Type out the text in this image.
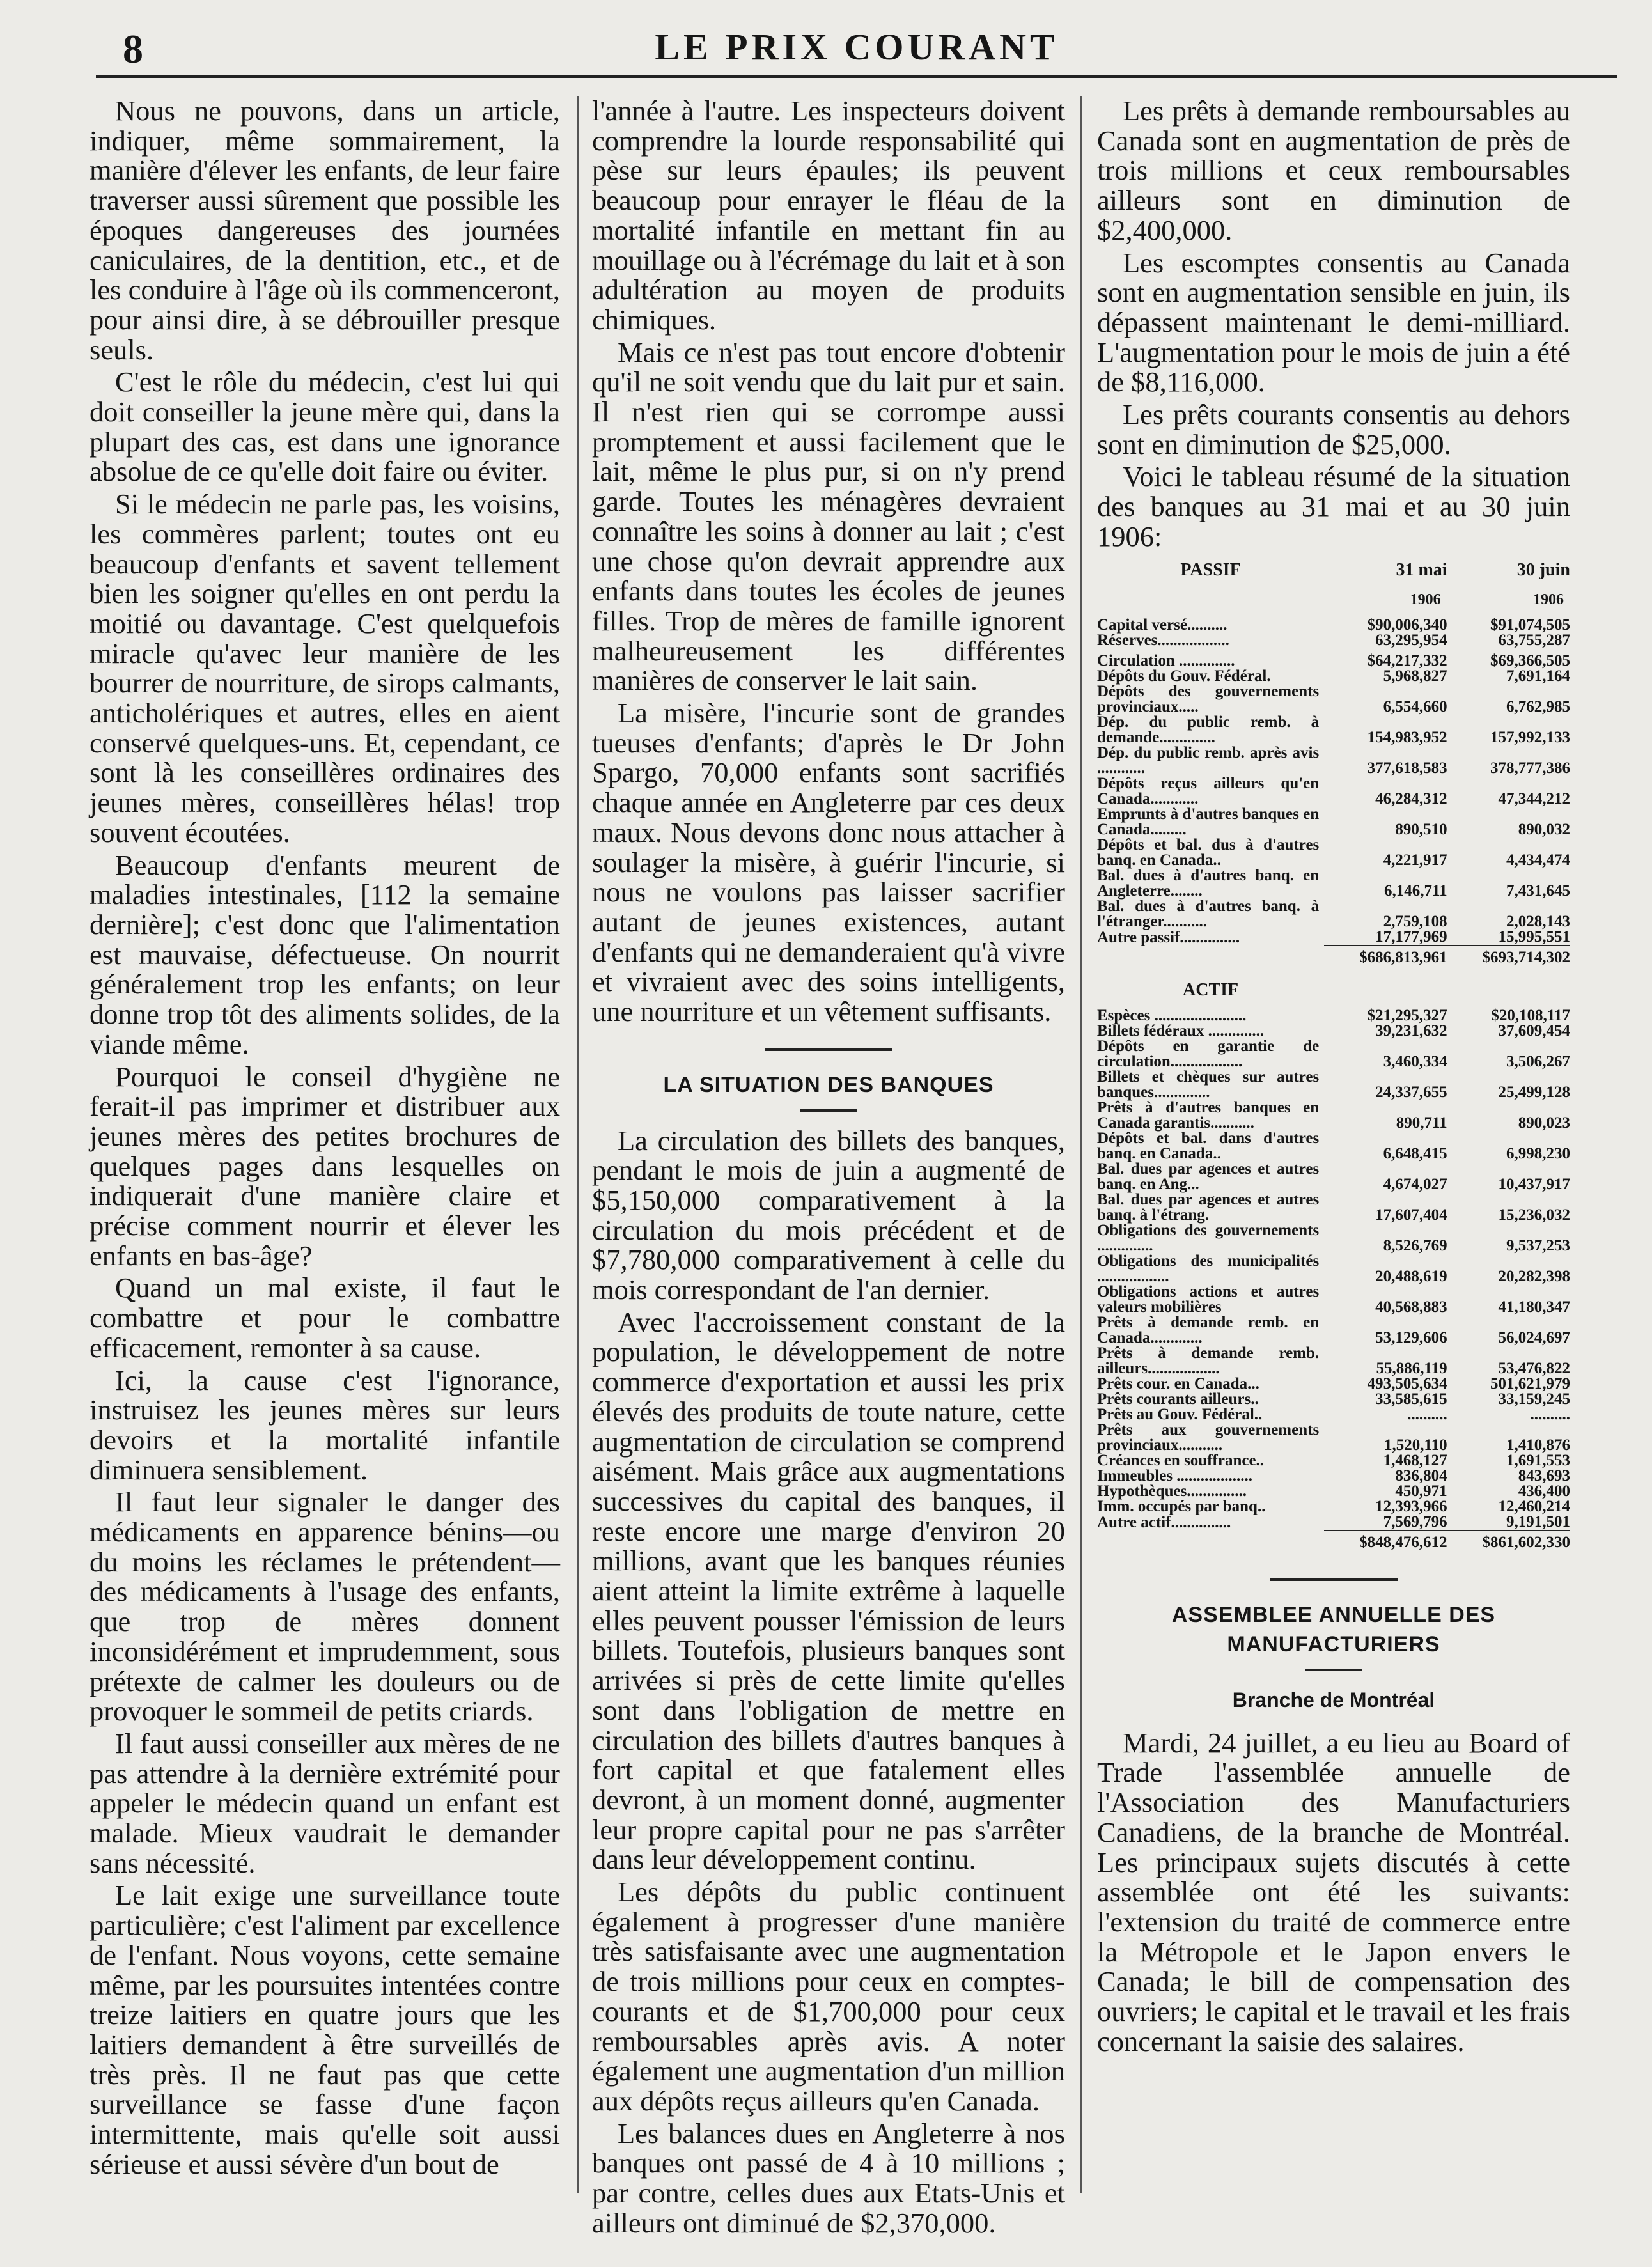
8	LE PRIX COURANT

Nous ne pouvons, dans un article, indiquer, même sommairement, la manière d'élever les enfants, de leur faire traverser aussi sûrement que possible les époques dangereuses des journées caniculaires, de la dentition, etc., et de les conduire à l'âge où ils commenceront, pour ainsi dire, à se débrouiller presque seuls.

C'est le rôle du médecin, c'est lui qui doit conseiller la jeune mère qui, dans la plupart des cas, est dans une ignorance absolue de ce qu'elle doit faire ou éviter.

Si le médecin ne parle pas, les voisins, les commères parlent; toutes ont eu beaucoup d'enfants et savent tellement bien les soigner qu'elles en ont perdu la moitié ou davantage. C'est quelquefois miracle qu'avec leur manière de les bourrer de nourriture, de sirops calmants, anticholériques et autres, elles en aient conservé quelques-uns. Et, cependant, ce sont là les conseillères ordinaires des jeunes mères, conseillères hélas! trop souvent écoutées.

Beaucoup d'enfants meurent de maladies intestinales, [112 la semaine dernière]; c'est donc que l'alimentation est mauvaise, défectueuse. On nourrit généralement trop les enfants; on leur donne trop tôt des aliments solides, de la viande même.

Pourquoi le conseil d'hygiène ne ferait-il pas imprimer et distribuer aux jeunes mères des petites brochures de quelques pages dans lesquelles on indiquerait d'une manière claire et précise comment nourrir et élever les enfants en bas-âge?

Quand un mal existe, il faut le combattre et pour le combattre efficacement, remonter à sa cause.

Ici, la cause c'est l'ignorance, instruisez les jeunes mères sur leurs devoirs et la mortalité infantile diminuera sensiblement.

Il faut leur signaler le danger des médicaments en apparence bénins—ou du moins les réclames le prétendent—des médicaments à l'usage des enfants, que trop de mères donnent inconsidérément et imprudemment, sous prétexte de calmer les douleurs ou de provoquer le sommeil de petits criards.

Il faut aussi conseiller aux mères de ne pas attendre à la dernière extrémité pour appeler le médecin quand un enfant est malade. Mieux vaudrait le demander sans nécessité.

Le lait exige une surveillance toute particulière; c'est l'aliment par excellence de l'enfant. Nous voyons, cette semaine même, par les poursuites intentées contre treize laitiers en quatre jours que les laitiers demandent à être surveillés de très près. Il ne faut pas que cette surveillance se fasse d'une façon intermittente, mais qu'elle soit aussi sérieuse et aussi sévère d'un bout de

l'année à l'autre. Les inspecteurs doivent comprendre la lourde responsabilité qui pèse sur leurs épaules; ils peuvent beaucoup pour enrayer le fléau de la mortalité infantile en mettant fin au mouillage ou à l'écrémage du lait et à son adultération au moyen de produits chimiques.

Mais ce n'est pas tout encore d'obtenir qu'il ne soit vendu que du lait pur et sain. Il n'est rien qui se corrompe aussi promptement et aussi facilement que le lait, même le plus pur, si on n'y prend garde. Toutes les ménagères devraient connaître les soins à donner au lait ; c'est une chose qu'on devrait apprendre aux enfants dans toutes les écoles de jeunes filles. Trop de mères de famille ignorent malheureusement les différentes manières de conserver le lait sain.

La misère, l'incurie sont de grandes tueuses d'enfants; d'après le Dr John Spargo, 70,000 enfants sont sacrifiés chaque année en Angleterre par ces deux maux. Nous devons donc nous attacher à soulager la misère, à guérir l'incurie, si nous ne voulons pas laisser sacrifier autant de jeunes existences, autant d'enfants qui ne demanderaient qu'à vivre et vivraient avec des soins intelligents, une nourriture et un vêtement suffisants.

LA SITUATION DES BANQUES

La circulation des billets des banques, pendant le mois de juin a augmenté de $5,150,000 comparativement à la circulation du mois précédent et de $7,780,000 comparativement à celle du mois correspondant de l'an dernier.

Avec l'accroissement constant de la population, le développement de notre commerce d'exportation et aussi les prix élevés des produits de toute nature, cette augmentation de circulation se comprend aisément. Mais grâce aux augmentations successives du capital des banques, il reste encore une marge d'environ 20 millions, avant que les banques réunies aient atteint la limite extrême à laquelle elles peuvent pousser l'émission de leurs billets. Toutefois, plusieurs banques sont arrivées si près de cette limite qu'elles sont dans l'obligation de mettre en circulation des billets d'autres banques à fort capital et que fatalement elles devront, à un moment donné, augmenter leur propre capital pour ne pas s'arrêter dans leur développement continu.

Les dépôts du public continuent également à progresser d'une manière très satisfaisante avec une augmentation de trois millions pour ceux en comptes-courants et de $1,700,000 pour ceux remboursables après avis. A noter également une augmentation d'un million aux dépôts reçus ailleurs qu'en Canada.

Les balances dues en Angleterre à nos banques ont passé de 4 à 10 millions ; par contre, celles dues aux Etats-Unis et ailleurs ont diminué de $2,370,000.

Les prêts à demande remboursables au Canada sont en augmentation de près de trois millions et ceux remboursables ailleurs sont en diminution de $2,400,000.

Les escomptes consentis au Canada sont en augmentation sensible en juin, ils dépassent maintenant le demi-milliard. L'augmentation pour le mois de juin a été de $8,116,000.

Les prêts courants consentis au dehors sont en diminution de $25,000.

Voici le tableau résumé de la situation des banques au 31 mai et au 30 juin 1906:

PASSIF	31 mai	30 juin
1906	1906
Capital versé..........	$90,006,340	$91,074,505
Réserves..................	63,295,954	63,755,287

Circulation ..............	$64,217,332	$69,366,505
Dépôts du Gouv. Fédéral.	5,968,827	7,691,164
Dépôts des gouvernements provinciaux.....	6,554,660	6,762,985
Dép. du public remb. à demande..............	154,983,952	157,992,133
Dép. du public remb. après avis ............	377,618,583	378,777,386
Dépôts reçus ailleurs qu'en Canada............	46,284,312	47,344,212
Emprunts à d'autres banques en Canada.........	890,510	890,032
Dépôts et bal. dus à d'autres banq. en Canada..	4,221,917	4,434,474
Bal. dues à d'autres banq. en Angleterre........	6,146,711	7,431,645
Bal. dues à d'autres banq. à l'étranger...........	2,759,108	2,028,143
Autre passif...............	17,177,969	15,995,551
	$686,813,961	$693,714,302
ACTIF
Espèces .......................	$21,295,327	$20,108,117
Billets fédéraux ..............	39,231,632	37,609,454
Dépôts en garantie de circulation..................	3,460,334	3,506,267
Billets et chèques sur autres banques..............	24,337,655	25,499,128
Prêts à d'autres banques en Canada garantis...........	890,711	890,023
Dépôts et bal. dans d'autres banq. en Canada..	6,648,415	6,998,230
Bal. dues par agences et autres banq. en Ang...	4,674,027	10,437,917
Bal. dues par agences et autres banq. à l'étrang.	17,607,404	15,236,032
Obligations des gouvernements ..............	8,526,769	9,537,253
Obligations des municipalités ..................	20,488,619	20,282,398
Obligations actions et autres valeurs mobilières	40,568,883	41,180,347
Prêts à demande remb. en Canada.............	53,129,606	56,024,697
Prêts à demande remb. ailleurs..................	55,886,119	53,476,822
Prêts cour. en Canada...	493,505,634	501,621,979
Prêts courants ailleurs..	33,585,615	33,159,245
Prêts au Gouv. Fédéral..	..........	..........
Prêts aux gouvernements provinciaux...........	1,520,110	1,410,876
Créances en souffrance..	1,468,127	1,691,553
Immeubles ...................	836,804	843,693
Hypothèques...............	450,971	436,400
Imm. occupés par banq..	12,393,966	12,460,214
Autre actif...............	7,569,796	9,191,501
	$848,476,612	$861,602,330
ASSEMBLEE ANNUELLE DES MANUFACTURIERS
Branche de Montréal

Mardi, 24 juillet, a eu lieu au Board of Trade l'assemblée annuelle de l'Association des Manufacturiers Canadiens, de la branche de Montréal. Les principaux sujets discutés à cette assemblée ont été les suivants: l'extension du traité de commerce entre la Métropole et le Japon envers le Canada; le bill de compensation des ouvriers; le capital et le travail et les frais concernant la saisie des salaires.
